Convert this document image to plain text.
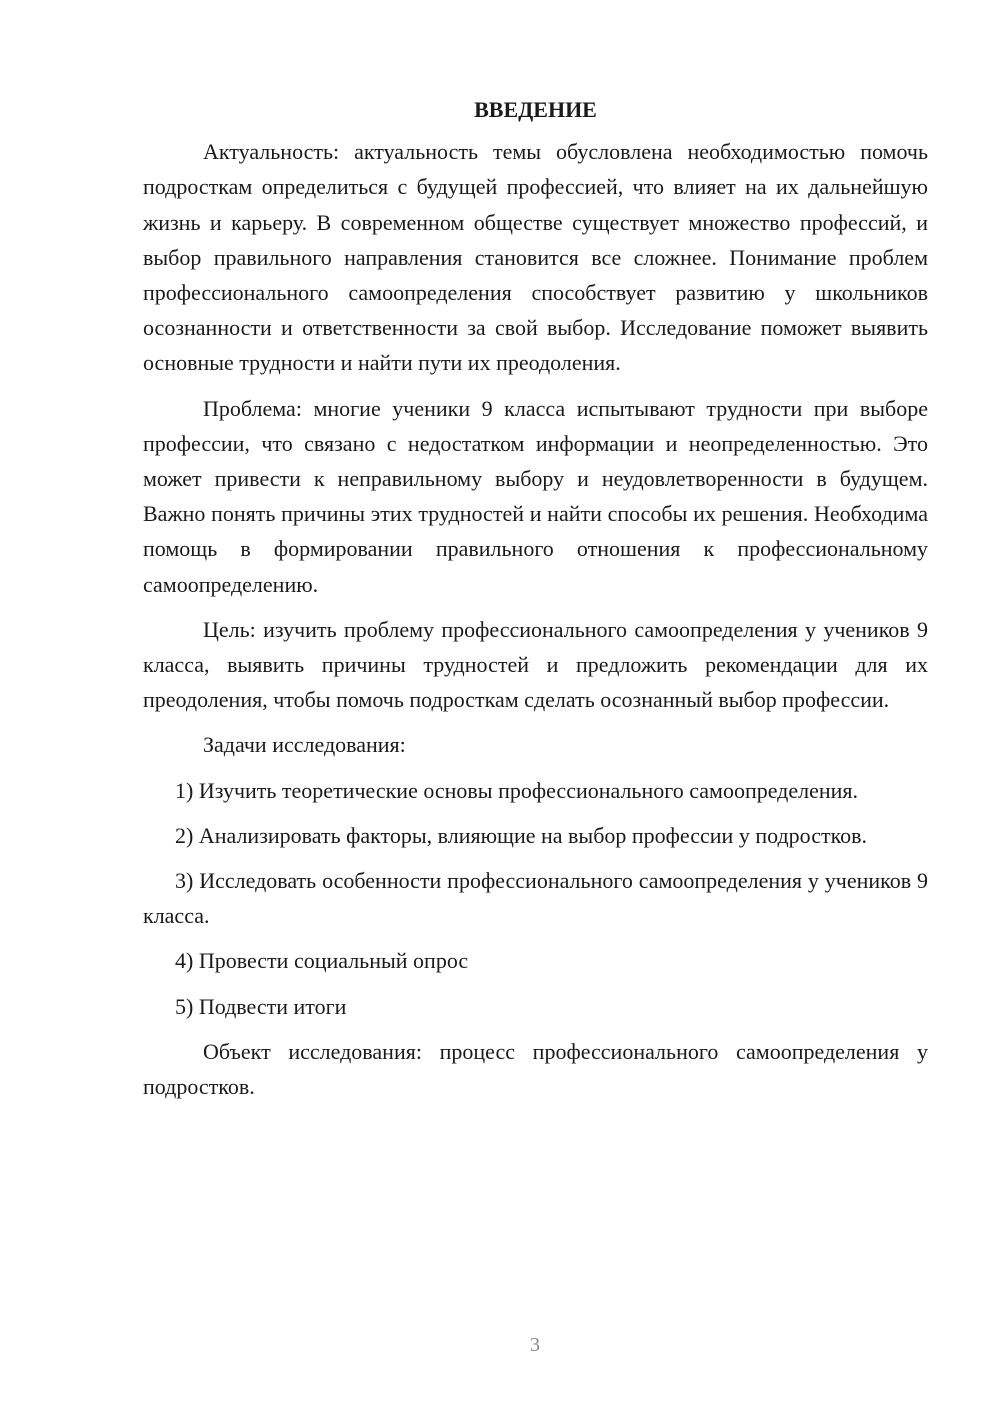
ВВЕДЕНИЕ

Актуальность: актуальность темы обусловлена необходимостью помочь подросткам определиться с будущей профессией, что влияет на их дальнейшую жизнь и карьеру. В современном обществе существует множество профессий, и выбор правильного направления становится все сложнее. Понимание проблем профессионального самоопределения способствует развитию у школьников осознанности и ответственности за свой выбор. Исследование поможет выявить основные трудности и найти пути их преодоления.

Проблема: многие ученики 9 класса испытывают трудности при выборе профессии, что связано с недостатком информации и неопределенностью. Это может привести к неправильному выбору и неудовлетворенности в будущем. Важно понять причины этих трудностей и найти способы их решения. Необходима помощь в формировании правильного отношения к профессиональному самоопределению.

Цель: изучить проблему профессионального самоопределения у учеников 9 класса, выявить причины трудностей и предложить рекомендации для их преодоления, чтобы помочь подросткам сделать осознанный выбор профессии.

Задачи исследования:

1) Изучить теоретические основы профессионального самоопределения.

2) Анализировать факторы, влияющие на выбор профессии у подростков.

3) Исследовать особенности профессионального самоопределения у учеников 9 класса.

4) Провести социальный опрос

5) Подвести итоги

Объект исследования: процесс профессионального самоопределения у подростков.

3
